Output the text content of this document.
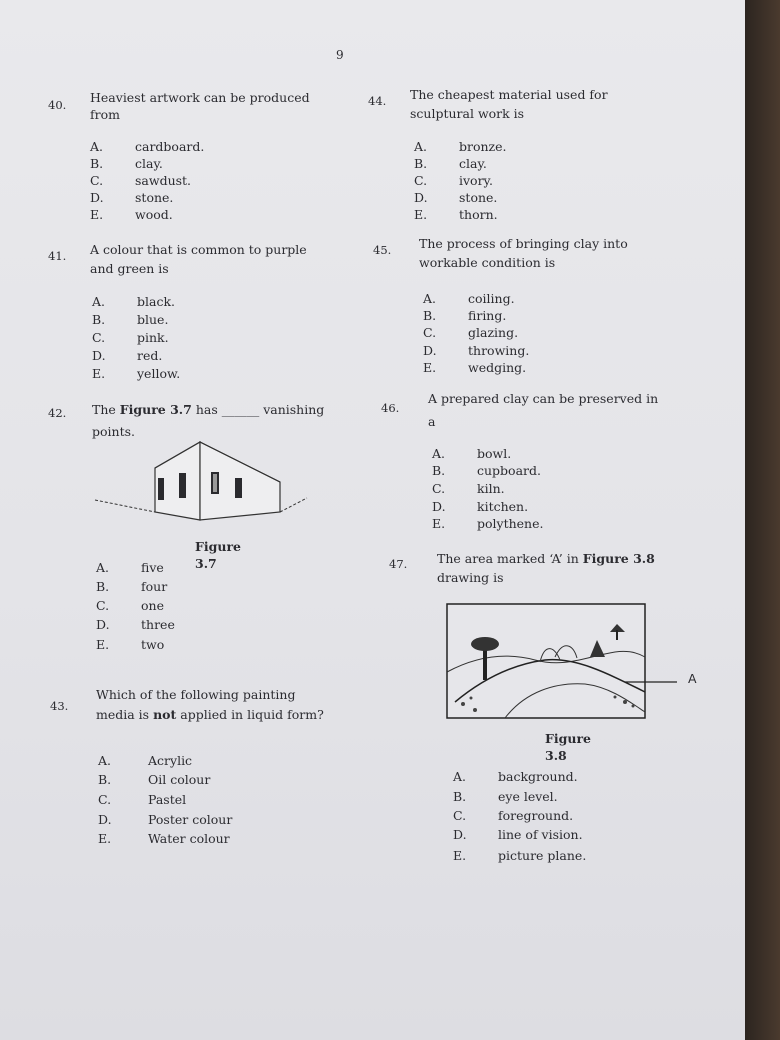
9
40. Heaviest artwork can be produced
from
A.	cardboard.
B.	clay.
C.	sawdust.
D.	stone.
E.	wood.
41. A colour that is common to purple
and green is
A.	black.
B.	blue.
C.	pink.
D.	red.
E.	yellow.
42. The Figure 3.7 has ______ vanishing
points.
Figure 3.7
A.	five
B.	four
C.	one
D.	three
E.	two
43.
Which of the following painting
media is not applied in liquid form?
A.	Acrylic
B.	Oil colour
C.	Pastel
D.	Poster colour
E.	Water colour
44. The cheapest material used for
sculptural work is
A.	bronze.
B.	clay.
C.	ivory.
D.	stone.
E.	thorn.
45. The process of bringing clay into
workable condition is
A.	coiling.
B.	firing.
C.	glazing.
D.	throwing.
E.	wedging.
46.
A prepared clay can be preserved in
a
A.	bowl.
B.	cupboard.
C.	kiln.
D.	kitchen.
E.	polythene.
47. The area marked ‘A’ in Figure 3.8
drawing is
A
Figure 3.8
A.	background.
B.	eye level.
C.	foreground.
D.	line of vision.
E.	picture plane.
